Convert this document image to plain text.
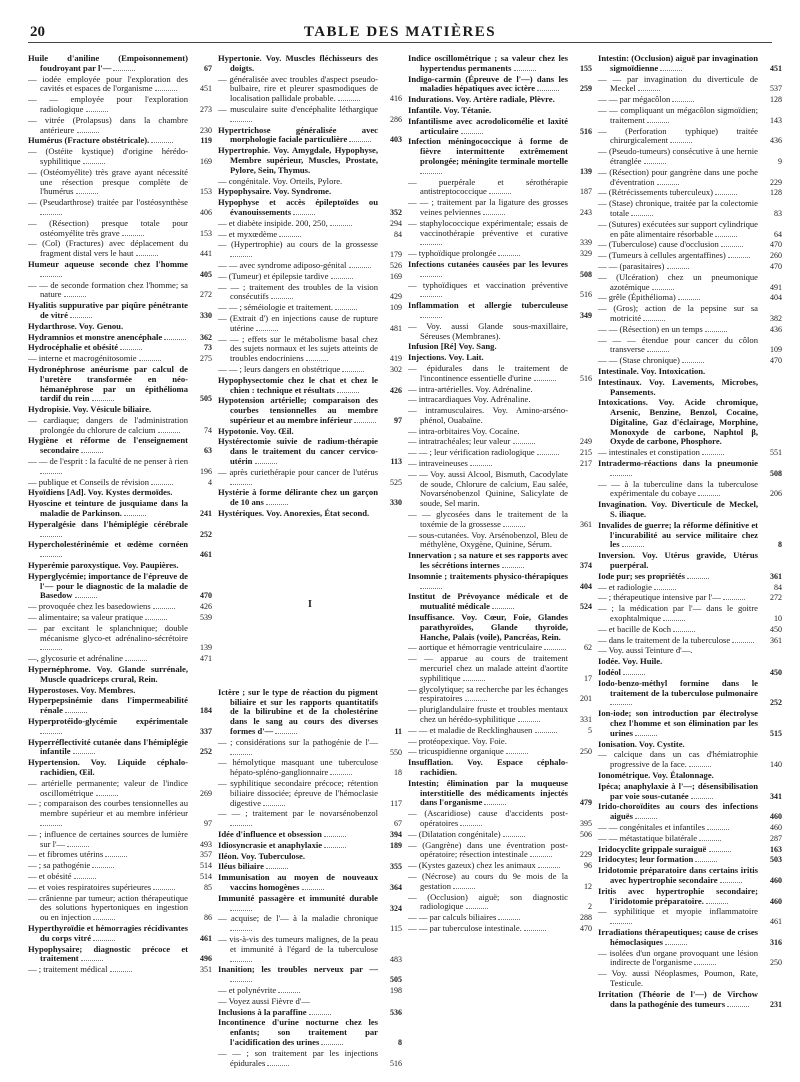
20	TABLE DES MATIÈRES
Huile d'aniline (Empoisonnement) foudroyant par l'—	67
— iodée employée pour l'exploration des cavités et espaces de l'organisme	451
— — employée pour l'exploration radiologique	273
— vitrée (Prolapsus) dans la chambre antérieure	230
Humérus (Fracture obstétricale).	119
— (Ostéite kystique) d'origine hérédo-syphilitique	169
— (Ostéomyélite) très grave ayant nécessité une résection presque complète de l'humérus	153
— (Pseudarthrose) traitée par l'ostéosynthèse
406
— (Résection) presque totale pour ostéomyélite très grave	153
— (Col) (Fractures) avec déplacement du fragment distal vers le haut	441
Humeur aqueuse seconde chez l'homme
405
— — de seconde formation chez l'homme; sa nature	272
Hyalitis suppurative par piqûre pénétrante de vitré	330
Hydarthrose. Voy. Genou.
Hydramnios et monstre anencéphale	362
Hydrocéphalie et obésité	73
— interne et macrogénitosomie	275
Hydronéphrose anéurisme par calcul de l'uretère transformée en néo-hémanéphrose par un épithélioma tardif du rein	505
Hydropisie. Voy. Vésicule biliaire.
— cardiaque; dangers de l'administration prolongée du chlorure de calcium	74
Hygiène et réforme de l'enseignement secondaire	63
— — de l'esprit : la faculté de ne penser à rien
196
— publique et Conseils de révision	4
Hyoïdiens [Ad]. Voy. Kystes dermoïdes.
Hyoscine et teinture de jusquiame dans la maladie de Parkinson.	241
Hyperalgésie dans l'hémiplégie cérébrale
252
Hypercholestérinémie et œdème cornéen
461
Hyperémie paroxystique. Voy. Paupières.
Hyperglycémie; importance de l'épreuve de l'— pour le diagnostic de la maladie de Basedow	470
— provoquée chez les basedowiens	426
— alimentaire; sa valeur pratique	539
— par excitant le splanchnique; double mécanisme glyco-et adrénalino-sécrétoire
139
—, glycosurie et adrénaline	471
Hypernéphrome. Voy. Glande surrénale, Muscle quadriceps crural, Rein.
Hyperostoses. Voy. Membres.
Hyperpepsinémie dans l'impermeabilité rénale	184
Hyperprotéido-glycémie expérimentale
337
Hyperréflectivité cutanée dans l'hémiplégie infantile	252
Hypertension. Voy. Liquide céphalo-rachidien, Œil.
— artérielle permanente; valeur de l'indice oscillométrique	269
— ; comparaison des courbes tensionnelles au membre supérieur et au membre inférieur
97
— ; influence de certaines sources de lumière sur l'—	493
— et fibromes utérins	357
— ; sa pathogénie	514
— et obésité	514
— et voies respiratoires supérieures	85
— crânienne par tumeur; action thérapeutique des solutions hypertoniques en ingestion ou en injection	86
Hyperthyroïdie et hémorragies récidivantes du corps vitré	461
Hypophysaire; diagnostic précoce et traitement	496
— ; traitement médical	351
Hypertonie. Voy. Muscles fléchisseurs des doigts.
— généralisée avec troubles d'aspect pseudo-bulbaire, rire et pleurer spasmodiques de localisation pallidale probable.	416
— musculaire suite d'encéphalite léthargique
286
Hypertrichose généralisée avec morphologie faciale particulière	403
Hypertrophie. Voy. Amygdale, Hypophyse, Membre supérieur, Muscles, Prostate, Pylore, Sein, Thymus.
— congénitale. Voy. Orteils, Pylore.
Hypophysaire. Voy. Syndrome.
Hypophyse et accès épileptoïdes ou évanouissements	352
— et diabète insipide. 200, 250,	294
— et myxœdème	84
— (Hypertrophie) au cours de la grossesse
179
— — avec syndrome adiposo-génital	526
— (Tumeur) et épilepsie tardive	169
— — ; traitement des troubles de la vision consécutifs	429
— — ; séméiologie et traitement.	109
— (Extrait d') en injections cause de rupture utérine	481
— — ; effets sur le métabolisme basal chez des sujets normaux et les sujets atteints de troubles endocriniens	419
— — ; leurs dangers en obstétrique	302
Hypophysectomie chez le chat et chez le chien : technique et résultats	426
Hypotension artérielle; comparaison des courbes tensionnelles au membre supérieur et au membre inférieur	97
Hypotonie. Voy. Œil.
Hystérectomie suivie de radium-thérapie dans le traitement du cancer cervico-utérin	113
— après curiethérapie pour cancer de l'utérus
525
Hystérie à forme délirante chez un garçon de 10 ans	330
Hystériques. Voy. Anorexies, État second.
I
Ictère ; sur le type de réaction du pigment biliaire et sur les rapports quantitatifs de la bilirubine et de la cholestérine dans le sang au cours des diverses formes d'—	11
— ; considérations sur la pathogénie de l'—
550
— hémolytique masquant une tuberculose hépato-spléno-ganglionnaire	18
— syphilitique secondaire précoce; rétention biliaire dissociée; épreuve de l'hémoclasie digestive	117
— — ; traitement par le novarsénobenzol
67
Idée d'influence et obsession	394
Idiosyncrasie et anaphylaxie	189
Iléon. Voy. Tuberculose.
Iléus biliaire	355
Immunisation au moyen de nouveaux vaccins homogènes	364
Immunité passagère et immunité durable
324
— acquise; de l'— à la maladie chronique
115
— vis-à-vis des tumeurs malignes, de la peau et immunité à l'égard de la tuberculose
483
Inanition; les troubles nerveux par —
505
— et polynévrite	198
— Voyez aussi Fièvre d'—
Inclusions à la paraffine	536
Incontinence d'urine nocturne chez les enfants; son traitement par l'acidification des urines	8
— — ; son traitement par les injections épidurales	516
Indice oscillométrique ; sa valeur chez les hypertendus permanents	155
Indigo-carmin (Épreuve de l'—) dans les maladies hépatiques avec ictère	259
Indurations. Voy. Artère radiale, Plèvre.
Infantile. Voy. Tétanie.
Infantilisme avec acrodolicomélie et laxité articulaire	516
Infection méningococcique à forme de fièvre intermittente extrêmement prolongée; méningite terminale mortelle
139
— puerpérale et sérothérapie antistreptococcique	187
— — ; traitement par la ligature des grosses veines pelviennes	243
— staphylococcique expérimentale; essais de vaccinothérapie préventive et curative
339
— typhoïdique prolongée	329
Infections cutanées causées par les levures
508
— typhoïdiques et vaccination préventive
516
Inflammation et allergie tuberculeuse
349
— Voy. aussi Glande sous-maxillaire, Séreuses (Membranes).
Infusion [Ré] Voy. Sang.
Injections. Voy. Lait.
— épidurales dans le traitement de l'incontinence essentielle d'urine	516
— intra-artérielles. Voy. Adrénaline.
— intracardiaques Voy. Adrénaline.
— intramusculaires. Voy. Amino-arséno-phénol, Ouabaïne.
— intra-orbitaires Voy. Cocaïne.
— intratrachéales; leur valeur	249
— — ; leur vérification radiologique	215
— intraveineuses	217
— — Voy. aussi Alcool, Bismuth, Cacodylate de soude, Chlorure de calcium, Eau salée, Novarsénobenzol Quinine, Salicylate de soude, Sel marin.
— — glycosées dans le traitement de la toxémie de la grossesse	361
— sous-cutanées. Voy. Arsénobenzol, Bleu de méthylène, Oxygène, Quinine, Sérum.
Innervation ; sa nature et ses rapports avec les sécrétions internes	374
Insomnie ; traitements physico-thérapiques
404
Institut de Prévoyance médicale et de mutualité médicale	524
Insuffisance. Voy. Cœur, Foie, Glandes parathyroïdes, Glande thyroïde, Hanche, Palais (voile), Pancréas, Rein.
— aortique et hémorragie ventriculaire	62
— — apparue au cours de traitement mercuriel chez un malade atteint d'aortite syphilitique	17
— glycolytique; sa recherche par les échanges respiratoires	201
— pluriglandulaire fruste et troubles mentaux chez un hérédo-syphilitique	331
— — et maladie de Recklinghausen	5
— protéopexique. Voy. Foie.
— tricuspidienne organique	250
Insufflation. Voy. Espace céphalo-rachidien.
Intestin; élimination par la muqueuse interstitielle des médicaments injectés dans l'organisme	479
— (Ascaridiose) cause d'accidents post-opératoires	395
— (Dilatation congénitale)	506
— (Gangrène) dans une éventration post-opératoire; résection intestinale	229
— (Kystes gazeux) chez les animaux	96
— (Nécrose) au cours du 9e mois de la gestation	12
— (Occlusion) aiguë; son diagnostic radiologique	2
— — par calculs biliaires	288
— — par tuberculose intestinale.	470
Intestin: (Occlusion) aiguë par invagination sigmoïdienne	451
— — par invagination du diverticule de Meckel	537
— — par mégacôlon	128
— — compliquant un mégacôlon sigmoïdien; traitement	143
— (Perforation typhique) traitée chirurgicalement	436
— (Pseudo-tumeurs) consécutive à une hernie étranglée	9
— (Résection) pour gangrène dans une poche d'éventration	229
— (Rétrécissements tuberculeux)	128
— (Stase) chronique, traitée par la colectomie totale	83
— (Sutures) exécutées sur support cylindrique en pâte alimentaire résorbable	64
— (Tuberculose) cause d'occlusion	470
— (Tumeurs à cellules argentaffines)	260
— — (parasitaires)	470
— (Ulcération) chez un pneumonique azotémique	491
— grêle (Épithélioma)	404
— (Gros); action de la pepsine sur sa motricité	382
— — (Résection) en un temps	436
— — — étendue pour cancer du côlon transverse	109
— — (Stase chronique)	470
Intestinale. Voy. Intoxication.
Intestinaux. Voy. Lavements, Microbes, Pansements.
Intoxications. Voy. Acide chromique, Arsenic, Benzine, Benzol, Cocaïne, Digitaline, Gaz d'éclairage, Morphine, Monoxyde de carbone, Naphtol β, Oxyde de carbone, Phosphore.
— intestinales et constipation	551
Intradermo-réactions dans la pneumonie
508
— — à la tuberculine dans la tuberculose expérimentale du cobaye	206
Invagination. Voy. Diverticule de Meckel, S. iliaque.
Invalides de guerre; la réforme définitive et l'incurabilité au service militaire chez les	8
Inversion. Voy. Utérus gravide, Utérus puerpéral.
Iode pur; ses propriétés	361
— et radiologie	84
— ; thérapeutique intensive par l'—	272
— ; la médication par l'— dans le goitre exophtalmique	10
— et bacille de Koch	450
— dans le traitement de la tuberculose	361
— Voy. aussi Teinture d'—.
Iodée. Voy. Huile.
Iodéol	450
Iodo-benzo-méthyl formine dans le traitement de la tuberculose pulmonaire
252
Ion-iode; son introduction par électrolyse chez l'homme et son élimination par les urines	515
Ionisation. Voy. Cystite.
— calcique dans un cas d'hémiatrophie progressive de la face.	140
Ionométrique. Voy. Étalonnage.
Ipéca; anaphylaxie à l'—; désensibilisation par voie sous-cutanée	341
Irido-choroïdites au cours des infections aiguës	460
— — congénitales et infantiles	460
— — métastatique bilatérale	287
Iridocyclite grippale suraiguë	163
Iridocytes; leur formation	503
Iridotomie préparatoire dans certains iritis avec hypertrophie secondaire	460
Iritis avec hypertrophie secondaire; l'iridotomie préparatoire.	460
— syphilitique et myopie inflammatoire
461
Irradiations thérapeutiques; cause de crises hémoclasiques	316
— isolées d'un organe provoquant une lésion indirecte de l'organisme	250
— Voy. aussi Néoplasmes, Poumon, Rate, Testicule.
Irritation (Théorie de l'—) de Virchow dans la pathogénie des tumeurs	231
